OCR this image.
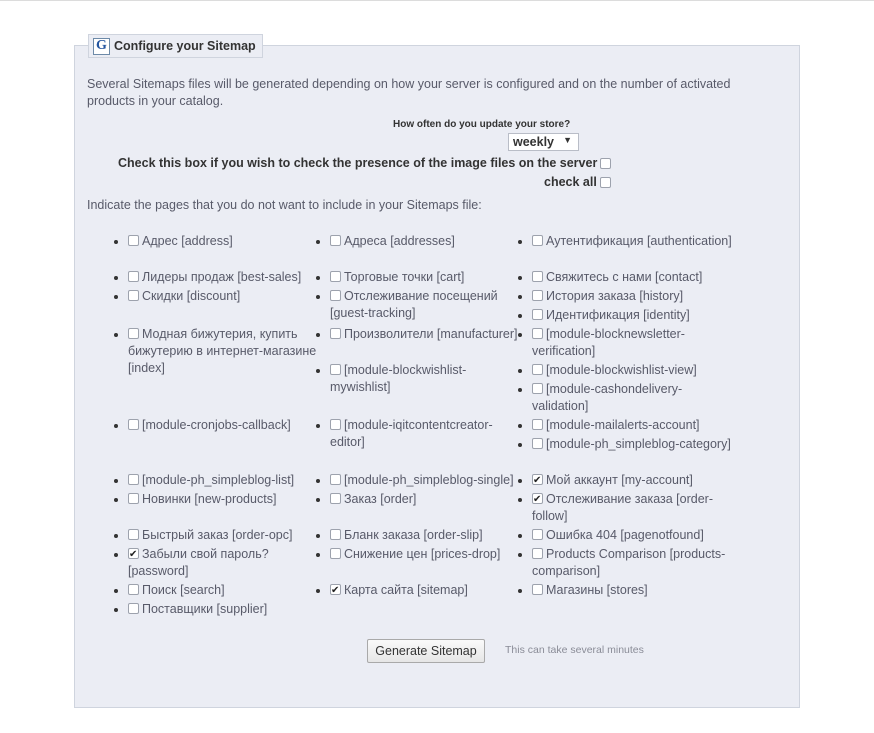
G Configure your Sitemap
Several Sitemaps files will be generated depending on how your server is configured and on the number of activated products in your catalog.
How often do you update your store?
weekly ▼
Check this box if you wish to check the presence of the image files on the server
check all
Indicate the pages that you do not want to include in your Sitemaps file:
Адрес [address]
Лидеры продаж [best-sales]
Скидки [discount]
Модная бижутерия, купить бижутерию в интернет-магазине [index]
[module-cronjobs-callback]
[module-ph_simpleblog-list]
Новинки [new-products]
Быстрый заказ [order-opc]
✔Забыли свой пароль? [password]
Поиск [search]
Поставщики [supplier]
Адреса [addresses]
Торговые точки [cart]
Отслеживание посещений [guest-tracking]
Произволители [manufacturer]
[module-blockwishlist-mywishlist]
[module-iqitcontentcreator-editor]
[module-ph_simpleblog-single]
Заказ [order]
Бланк заказа [order-slip]
Снижение цен [prices-drop]
✔Карта сайта [sitemap]
Аутентификация [authentication]
Свяжитесь с нами [contact]
История заказа [history]
Идентификация [identity]
[module-blocknewsletter-verification]
[module-blockwishlist-view]
[module-cashondelivery-validation]
[module-mailalerts-account]
[module-ph_simpleblog-category]
✔Мой аккаунт [my-account]
✔Отслеживание заказа [order-follow]
Ошибка 404 [pagenotfound]
Products Comparison [products-comparison]
Магазины [stores]
Generate Sitemap	This can take several minutes
